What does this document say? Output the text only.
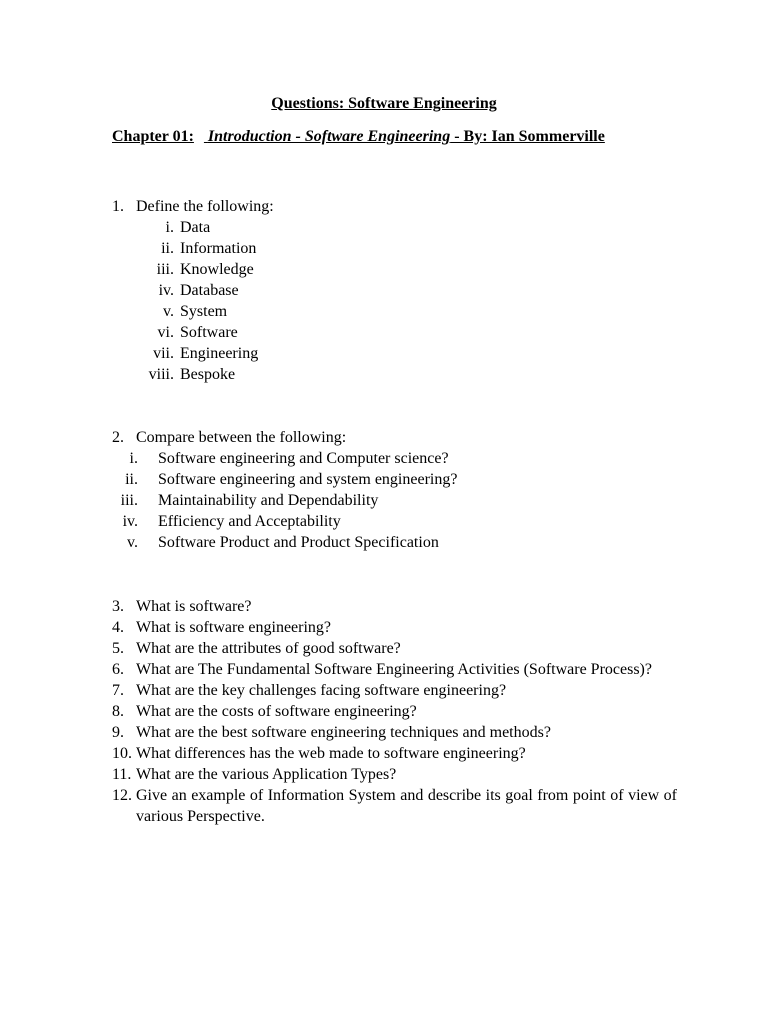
Questions: Software Engineering
Chapter 01: Introduction - Software Engineering - By: Ian Sommerville
1. Define the following:
i. Data
ii. Information
iii. Knowledge
iv. Database
v. System
vi. Software
vii. Engineering
viii. Bespoke
2. Compare between the following:
i. Software engineering and Computer science?
ii. Software engineering and system engineering?
iii. Maintainability and Dependability
iv. Efficiency and Acceptability
v. Software Product and Product Specification
3. What is software?
4. What is software engineering?
5. What are the attributes of good software?
6. What are The Fundamental Software Engineering Activities (Software Process)?
7. What are the key challenges facing software engineering?
8. What are the costs of software engineering?
9. What are the best software engineering techniques and methods?
10. What differences has the web made to software engineering?
11. What are the various Application Types?
12. Give an example of Information System and describe its goal from point of view of various Perspective.
